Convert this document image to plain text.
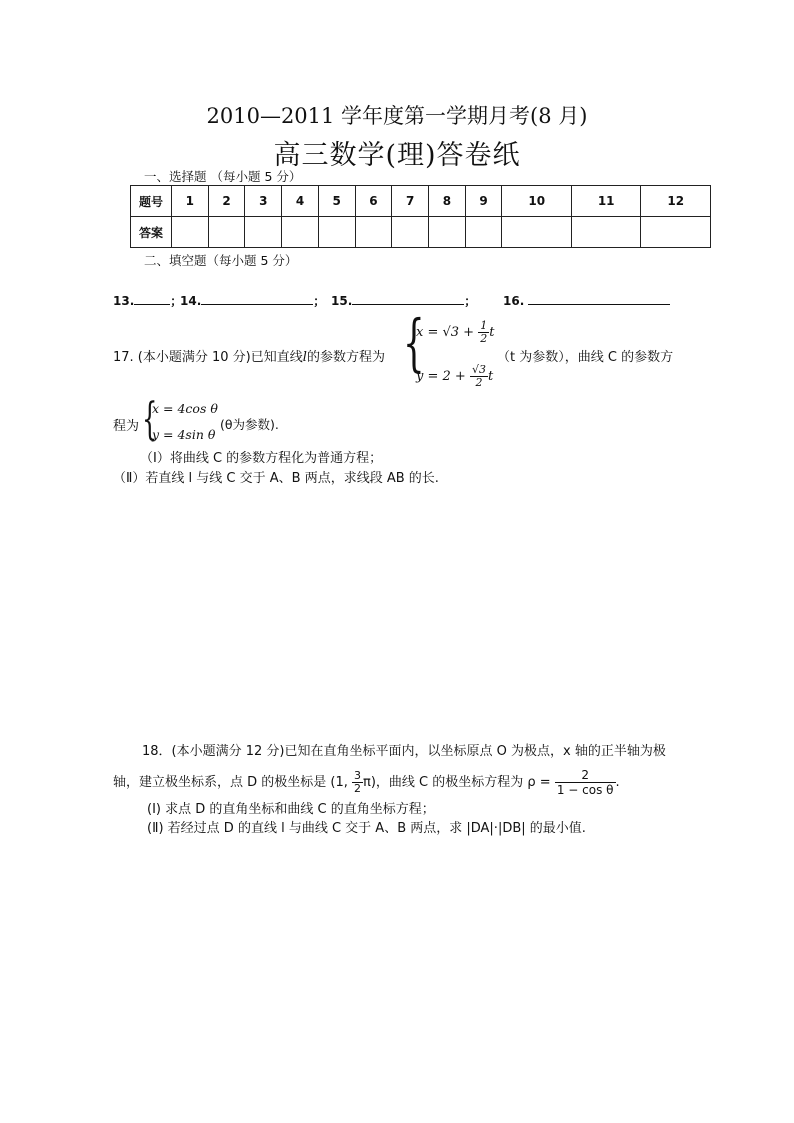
2010—2011 学年度第一学期月考(8 月)
高三数学(理)答卷纸
一、选择题 （每小题 5 分）
题号	1	2	3	4	5	6	7	8	9	10	11	12
答案												
二、填空题（每小题 5 分）
13.	；
14.	； 15.	； 16.
17. (本小题满分 10 分)已知直线l的参数方程为 {
$x = √3 + \frac{1}{2}$ t
$y = 2 + \frac{√3}{2}$ t
（t 为参数），曲线 C 的参数方
程为 {
x = 4cos θ
y = 4sin θ
(θ为参数).
（Ⅰ）将曲线 C 的参数方程化为普通方程；
（Ⅱ）若直线 l 与线 C 交于 A、B 两点，求线段 AB 的长.
18．(本小题满分 12 分)已知在直角坐标平面内，以坐标原点 O 为极点，x 轴的正半轴为极
轴，建立极坐标系，点 D 的极坐标是 (1, $\frac{3}{2} \pi$)，曲线 C 的极坐标方程为 $\rho = \frac{2}{\text{1 − cos θ}}$ .
(Ⅰ) 求点 D 的直角坐标和曲线 C 的直角坐标方程；
(Ⅱ) 若经过点 D 的直线 l 与曲线 C 交于 A、B 两点，求 |DA|·|DB| 的最小值.
